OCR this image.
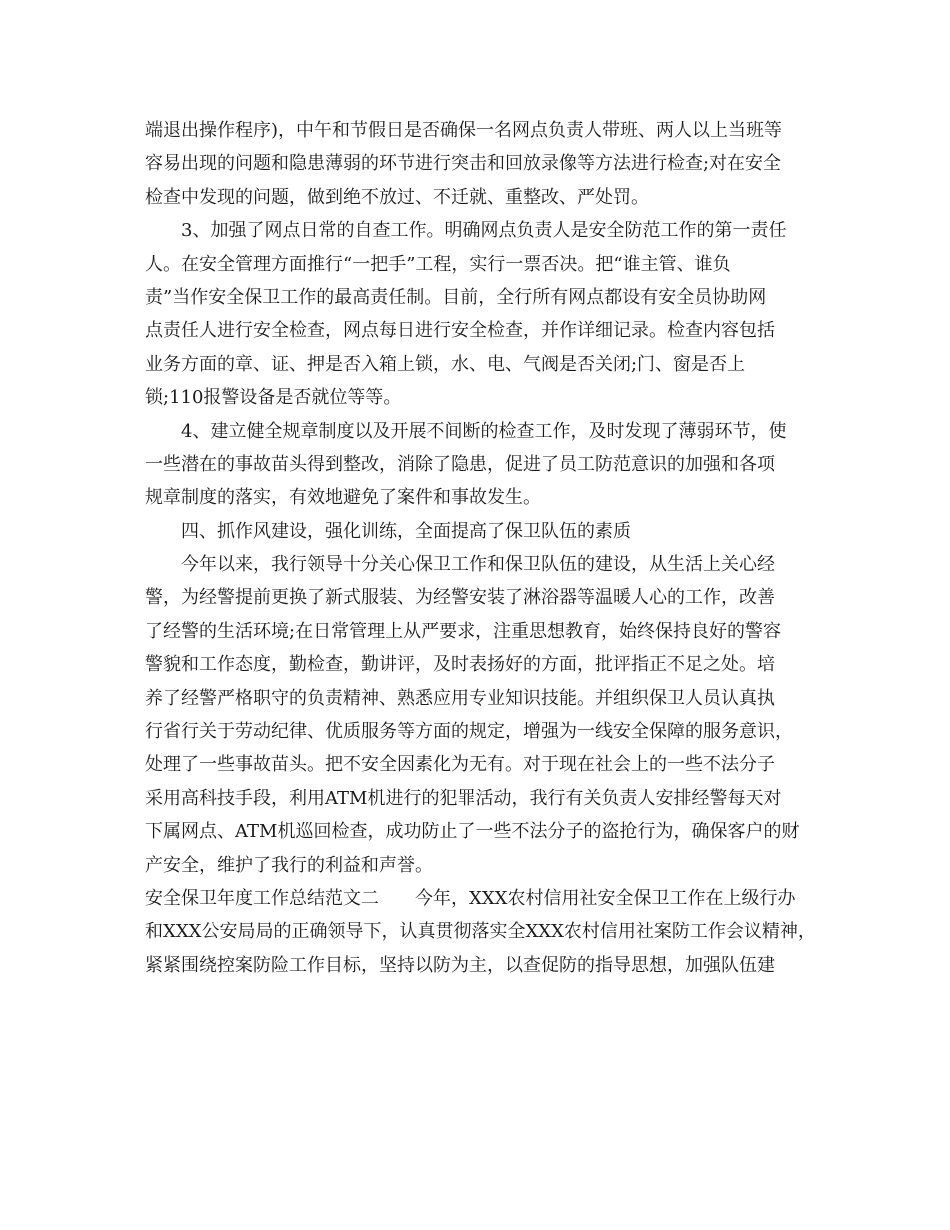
端退出操作程序)，中午和节假日是否确保一名网点负责人带班、两人以上当班等
容易出现的问题和隐患薄弱的环节进行突击和回放录像等方法进行检查;对在安全
检查中发现的问题，做到绝不放过、不迁就、重整改、严处罚。
3、加强了网点日常的自查工作。明确网点负责人是安全防范工作的第一责任
人。在安全管理方面推行“一把手”工程，实行一票否决。把“谁主管、谁负
责”当作安全保卫工作的最高责任制。目前，全行所有网点都设有安全员协助网
点责任人进行安全检查，网点每日进行安全检查，并作详细记录。检查内容包括
业务方面的章、证、押是否入箱上锁，水、电、气阀是否关闭;门、窗是否上
锁;110报警设备是否就位等等。
4、建立健全规章制度以及开展不间断的检查工作，及时发现了薄弱环节，使
一些潜在的事故苗头得到整改，消除了隐患，促进了员工防范意识的加强和各项
规章制度的落实，有效地避免了案件和事故发生。
四、抓作风建设，强化训练，全面提高了保卫队伍的素质
今年以来，我行领导十分关心保卫工作和保卫队伍的建设，从生活上关心经
警，为经警提前更换了新式服装、为经警安装了淋浴器等温暖人心的工作，改善
了经警的生活环境;在日常管理上从严要求，注重思想教育，始终保持良好的警容
警貌和工作态度，勤检查，勤讲评，及时表扬好的方面，批评指正不足之处。培
养了经警严格职守的负责精神、熟悉应用专业知识技能。并组织保卫人员认真执
行省行关于劳动纪律、优质服务等方面的规定，增强为一线安全保障的服务意识，
处理了一些事故苗头。把不安全因素化为无有。对于现在社会上的一些不法分子
采用高科技手段，利用ATM机进行的犯罪活动，我行有关负责人安排经警每天对
下属网点、ATM机巡回检查，成功防止了一些不法分子的盗抢行为，确保客户的财
产安全，维护了我行的利益和声誉。
安全保卫年度工作总结范文二　　今年，XXX农村信用社安全保卫工作在上级行办
和XXX公安局局的正确领导下，认真贯彻落实全XXX农村信用社案防工作会议精神，
紧紧围绕控案防险工作目标，坚持以防为主，以查促防的指导思想，加强队伍建
